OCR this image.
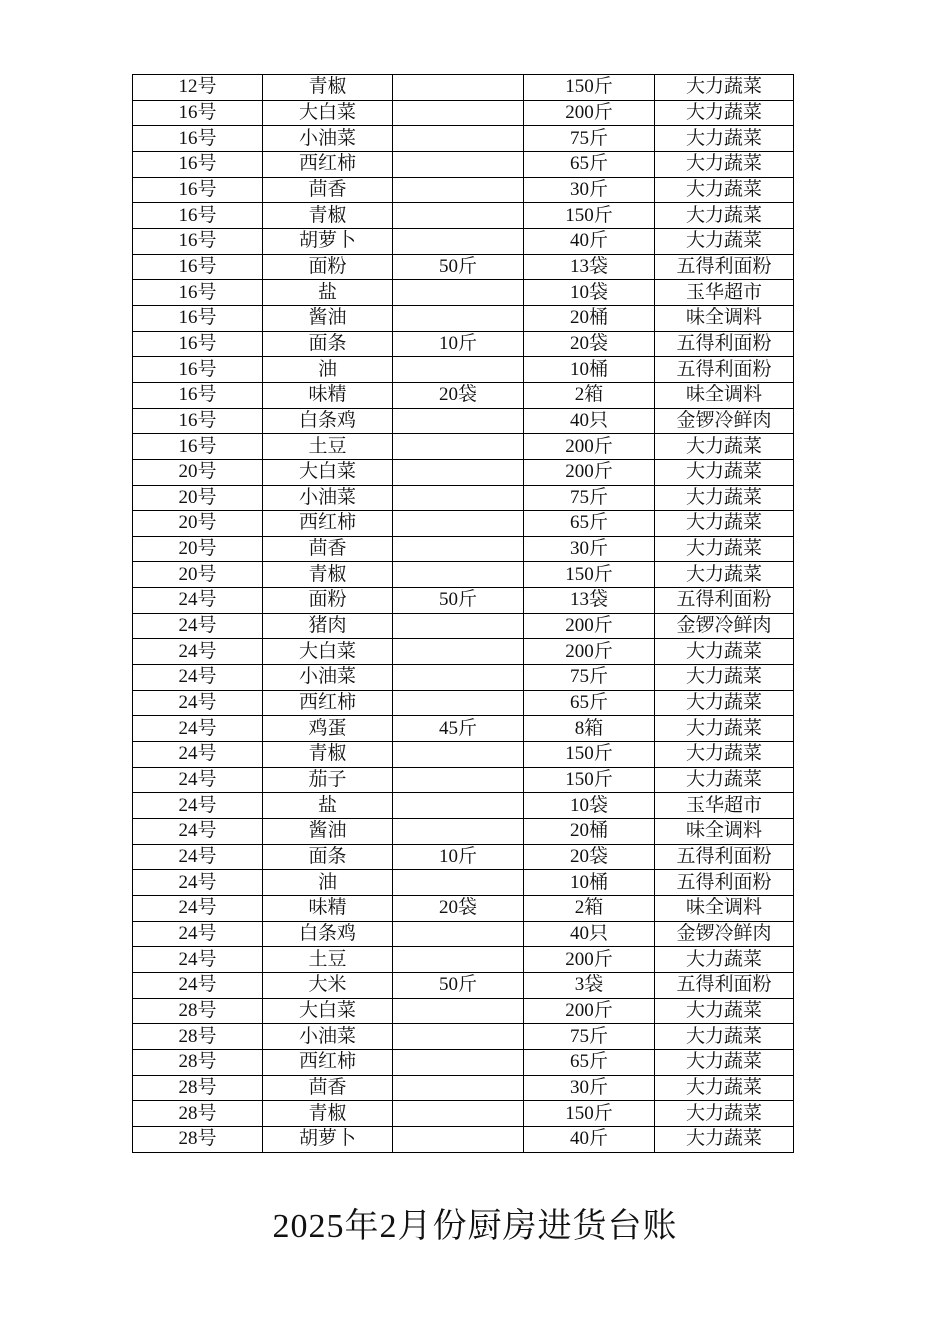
12号	青椒		150斤	大力蔬菜
16号	大白菜		200斤	大力蔬菜
16号	小油菜		75斤	大力蔬菜
16号	西红柿		65斤	大力蔬菜
16号	茴香		30斤	大力蔬菜
16号	青椒		150斤	大力蔬菜
16号	胡萝卜		40斤	大力蔬菜
16号	面粉	50斤	13袋	五得利面粉
16号	盐		10袋	玉华超市
16号	酱油		20桶	味全调料
16号	面条	10斤	20袋	五得利面粉
16号	油		10桶	五得利面粉
16号	味精	20袋	2箱	味全调料
16号	白条鸡		40只	金锣冷鲜肉
16号	土豆		200斤	大力蔬菜
20号	大白菜		200斤	大力蔬菜
20号	小油菜		75斤	大力蔬菜
20号	西红柿		65斤	大力蔬菜
20号	茴香		30斤	大力蔬菜
20号	青椒		150斤	大力蔬菜
24号	面粉	50斤	13袋	五得利面粉
24号	猪肉		200斤	金锣冷鲜肉
24号	大白菜		200斤	大力蔬菜
24号	小油菜		75斤	大力蔬菜
24号	西红柿		65斤	大力蔬菜
24号	鸡蛋	45斤	8箱	大力蔬菜
24号	青椒		150斤	大力蔬菜
24号	茄子		150斤	大力蔬菜
24号	盐		10袋	玉华超市
24号	酱油		20桶	味全调料
24号	面条	10斤	20袋	五得利面粉
24号	油		10桶	五得利面粉
24号	味精	20袋	2箱	味全调料
24号	白条鸡		40只	金锣冷鲜肉
24号	土豆		200斤	大力蔬菜
24号	大米	50斤	3袋	五得利面粉
28号	大白菜		200斤	大力蔬菜
28号	小油菜		75斤	大力蔬菜
28号	西红柿		65斤	大力蔬菜
28号	茴香		30斤	大力蔬菜
28号	青椒		150斤	大力蔬菜
28号	胡萝卜		40斤	大力蔬菜
2025年2月份厨房进货台账
